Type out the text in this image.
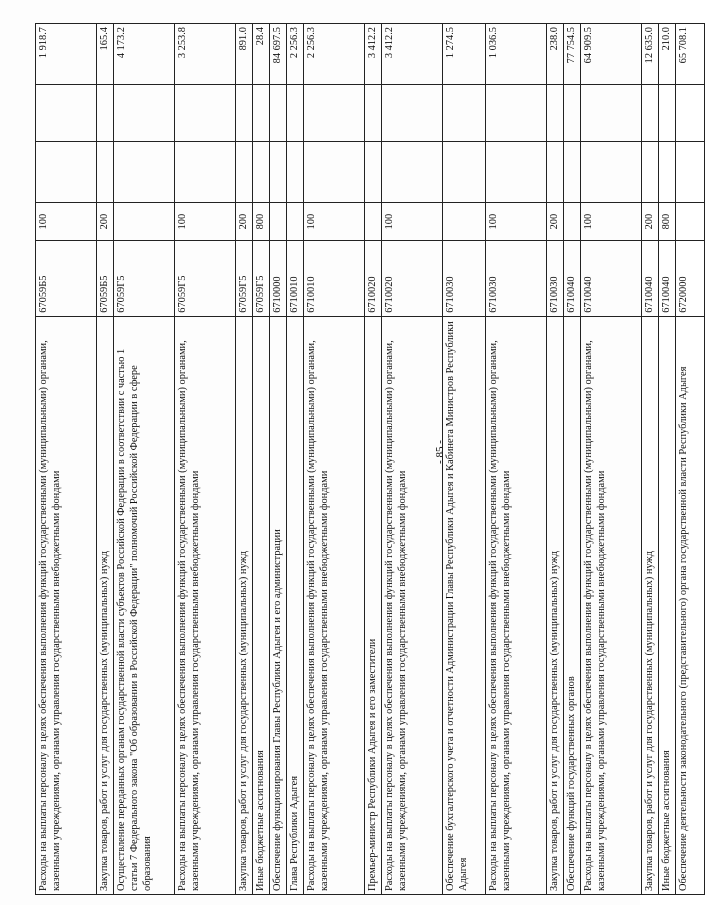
- 85 -
Расходы на выплаты персоналу в целях обеспечения выполнения функций государственными (муниципальными) органами, казенными учреждениями, органами управления государственными внебюджетными фондами	67059Б5	100			1 918.7
Закупка товаров, работ и услуг для государственных (муниципальных) нужд	67059Б5	200			165.4
Осуществление переданных органам государственной власти субъектов Российской Федерации в соответствии с частью 1 статьи 7 Федерального закона "Об образовании в Российской Федерации" полномочий Российской Федерации в сфере образования	67059Г5				4 173.2
Расходы на выплаты персоналу в целях обеспечения выполнения функций государственными (муниципальными) органами, казенными учреждениями, органами управления государственными внебюджетными фондами	67059Г5	100			3 253.8
Закупка товаров, работ и услуг для государственных (муниципальных) нужд	67059Г5	200			891.0
Иные бюджетные ассигнования	67059Г5	800			28.4
Обеспечение функционирования Главы Республики Адыгея и его администрации	6710000				84 697.5
Глава Республики Адыгея	6710010				2 256.3
Расходы на выплаты персоналу в целях обеспечения выполнения функций государственными (муниципальными) органами, казенными учреждениями, органами управления государственными внебюджетными фондами	6710010	100			2 256.3
Премьер-министр Республики Адыгея и его заместители	6710020				3 412.2
Расходы на выплаты персоналу в целях обеспечения выполнения функций государственными (муниципальными) органами, казенными учреждениями, органами управления государственными внебюджетными фондами	6710020	100			3 412.2
Обеспечение бухгалтерского учета и отчетности Администрации Главы Республики Адыгея и Кабинета Министров Республики Адыгея	6710030				1 274.5
Расходы на выплаты персоналу в целях обеспечения выполнения функций государственными (муниципальными) органами, казенными учреждениями, органами управления государственными внебюджетными фондами	6710030	100			1 036.5
Закупка товаров, работ и услуг для государственных (муниципальных) нужд	6710030	200			238.0
Обеспечение функций государственных органов	6710040				77 754.5
Расходы на выплаты персоналу в целях обеспечения выполнения функций государственными (муниципальными) органами, казенными учреждениями, органами управления государственными внебюджетными фондами	6710040	100			64 909.5
Закупка товаров, работ и услуг для государственных (муниципальных) нужд	6710040	200			12 635.0
Иные бюджетные ассигнования	6710040	800			210.0
Обеспечение деятельности законодательного (представительного) органа государственной власти Республики Адыгея	6720000				65 708.1
